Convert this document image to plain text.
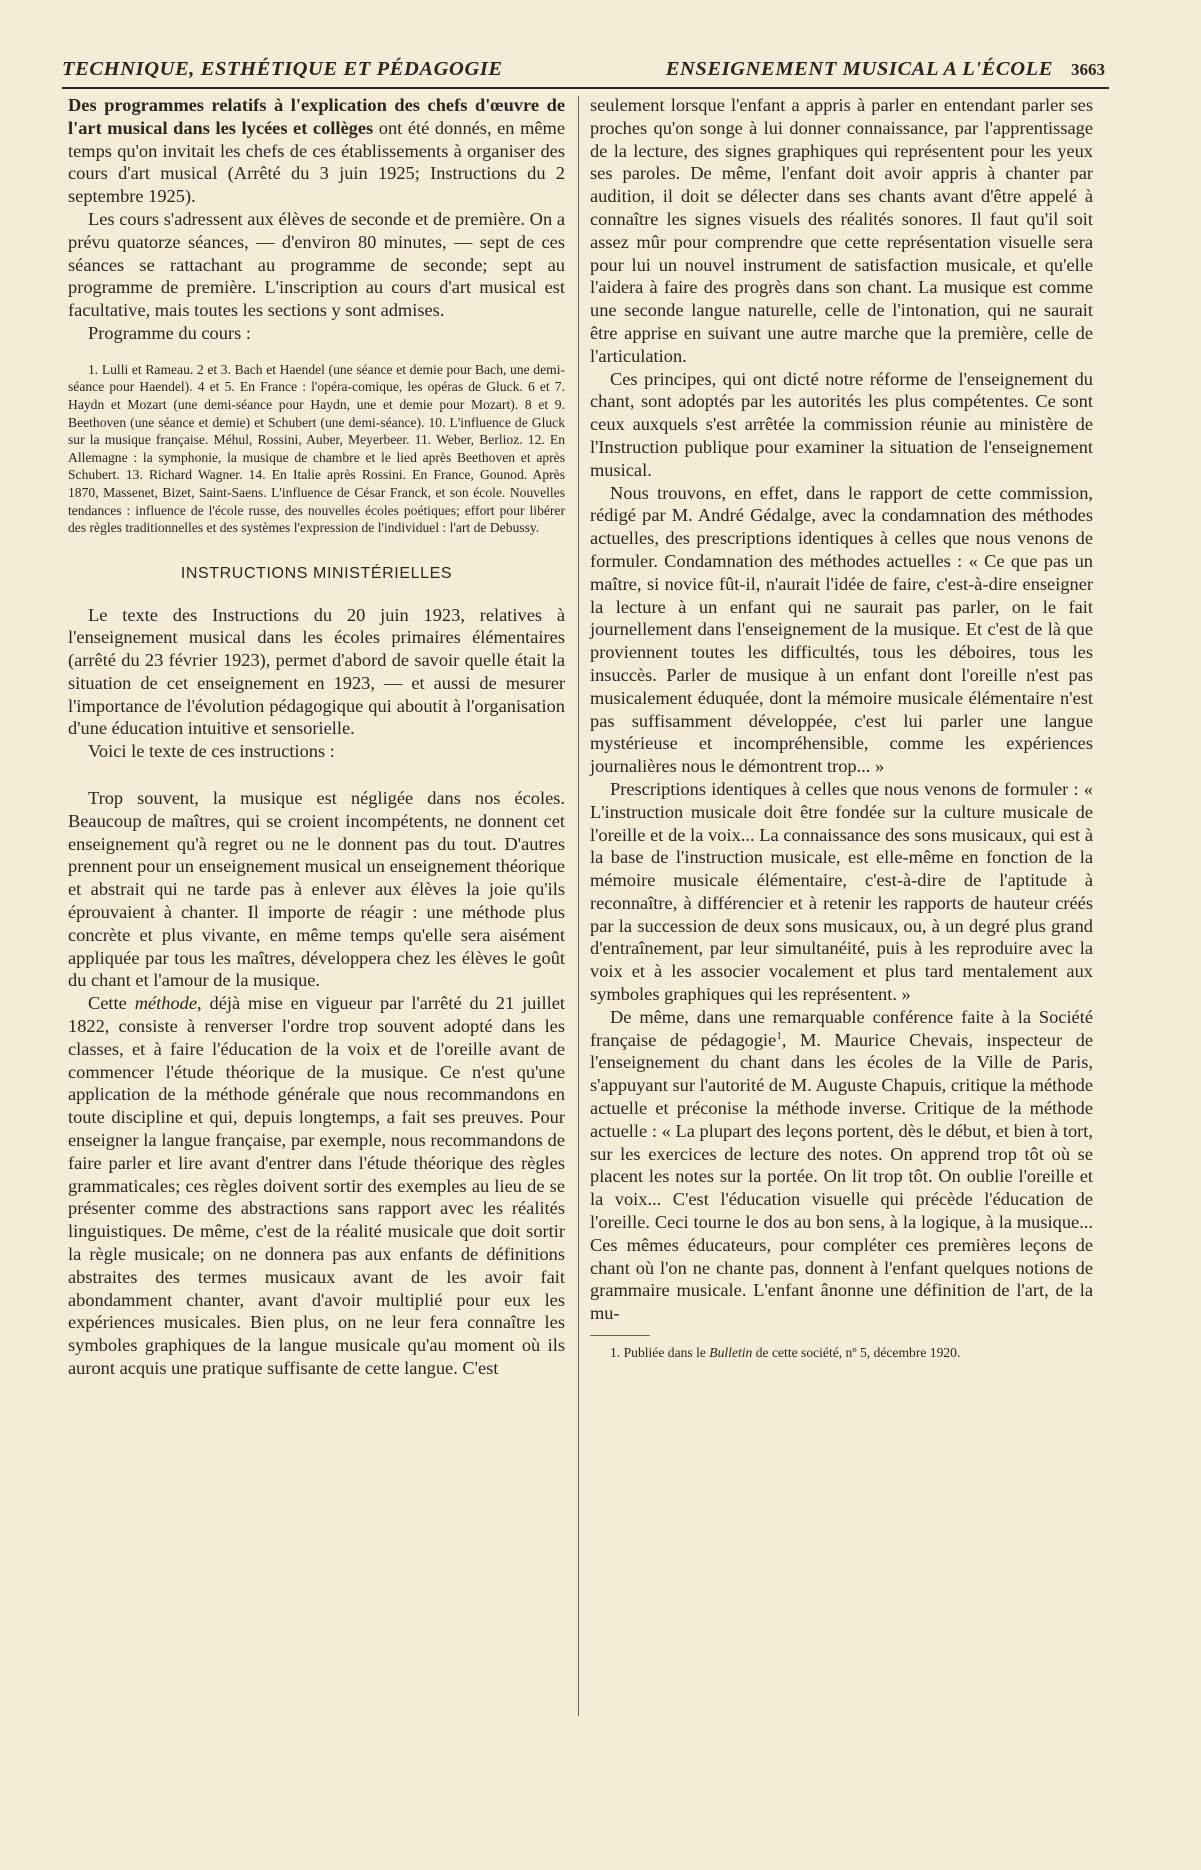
TECHNIQUE, ESTHÉTIQUE ET PÉDAGOGIE	ENSEIGNEMENT MUSICAL A L'ÉCOLE 3663

Des programmes relatifs à l'explication des chefs d'œuvre de l'art musical dans les lycées et collèges ont été donnés, en même temps qu'on invitait les chefs de ces établissements à organiser des cours d'art musical (Arrêté du 3 juin 1925; Instructions du 2 septembre 1925).

Les cours s'adressent aux élèves de seconde et de première. On a prévu quatorze séances, — d'environ 80 minutes, — sept de ces séances se rattachant au programme de seconde; sept au programme de première. L'inscription au cours d'art musical est facultative, mais toutes les sections y sont admises.

Programme du cours :

1. Lulli et Rameau. 2 et 3. Bach et Haendel (une séance et demie pour Bach, une demi-séance pour Haendel). 4 et 5. En France : l'opéra-comique, les opéras de Gluck. 6 et 7. Haydn et Mozart (une demi-séance pour Haydn, une et demie pour Mozart). 8 et 9. Beethoven (une séance et demie) et Schubert (une demi-séance). 10. L'influence de Gluck sur la musique française. Méhul, Rossini, Auber, Meyerbeer. 11. Weber, Berlioz. 12. En Allemagne : la symphonie, la musique de chambre et le lied après Beethoven et après Schubert. 13. Richard Wagner. 14. En Italie après Rossini. En France, Gounod. Après 1870, Massenet, Bizet, Saint-Saens. L'influence de César Franck, et son école. Nouvelles tendances : influence de l'école russe, des nouvelles écoles poétiques; effort pour libérer des règles traditionnelles et des systèmes l'expression de l'individuel : l'art de Debussy.

INSTRUCTIONS MINISTÉRIELLES

Le texte des Instructions du 20 juin 1923, relatives à l'enseignement musical dans les écoles primaires élémentaires (arrêté du 23 février 1923), permet d'abord de savoir quelle était la situation de cet enseignement en 1923, — et aussi de mesurer l'importance de l'évolution pédagogique qui aboutit à l'organisation d'une éducation intuitive et sensorielle.

Voici le texte de ces instructions :

Trop souvent, la musique est négligée dans nos écoles. Beaucoup de maîtres, qui se croient incompétents, ne donnent cet enseignement qu'à regret ou ne le donnent pas du tout. D'autres prennent pour un enseignement musical un enseignement théorique et abstrait qui ne tarde pas à enlever aux élèves la joie qu'ils éprouvaient à chanter. Il importe de réagir : une méthode plus concrète et plus vivante, en même temps qu'elle sera aisément appliquée par tous les maîtres, développera chez les élèves le goût du chant et l'amour de la musique.

Cette méthode, déjà mise en vigueur par l'arrêté du 21 juillet 1822, consiste à renverser l'ordre trop souvent adopté dans les classes, et à faire l'éducation de la voix et de l'oreille avant de commencer l'étude théorique de la musique. Ce n'est qu'une application de la méthode générale que nous recommandons en toute discipline et qui, depuis longtemps, a fait ses preuves. Pour enseigner la langue française, par exemple, nous recommandons de faire parler et lire avant d'entrer dans l'étude théorique des règles grammaticales; ces règles doivent sortir des exemples au lieu de se présenter comme des abstractions sans rapport avec les réalités linguistiques. De même, c'est de la réalité musicale que doit sortir la règle musicale; on ne donnera pas aux enfants de définitions abstraites des termes musicaux avant de les avoir fait abondamment chanter, avant d'avoir multiplié pour eux les expériences musicales. Bien plus, on ne leur fera connaître les symboles graphiques de la langue musicale qu'au moment où ils auront acquis une pratique suffisante de cette langue. C'est

seulement lorsque l'enfant a appris à parler en entendant parler ses proches qu'on songe à lui donner connaissance, par l'apprentissage de la lecture, des signes graphiques qui représentent pour les yeux ses paroles. De même, l'enfant doit avoir appris à chanter par audition, il doit se délecter dans ses chants avant d'être appelé à connaître les signes visuels des réalités sonores. Il faut qu'il soit assez mûr pour comprendre que cette représentation visuelle sera pour lui un nouvel instrument de satisfaction musicale, et qu'elle l'aidera à faire des progrès dans son chant. La musique est comme une seconde langue naturelle, celle de l'intonation, qui ne saurait être apprise en suivant une autre marche que la première, celle de l'articulation.

Ces principes, qui ont dicté notre réforme de l'enseignement du chant, sont adoptés par les autorités les plus compétentes. Ce sont ceux auxquels s'est arrêtée la commission réunie au ministère de l'Instruction publique pour examiner la situation de l'enseignement musical.

Nous trouvons, en effet, dans le rapport de cette commission, rédigé par M. André Gédalge, avec la condamnation des méthodes actuelles, des prescriptions identiques à celles que nous venons de formuler. Condamnation des méthodes actuelles : « Ce que pas un maître, si novice fût-il, n'aurait l'idée de faire, c'est-à-dire enseigner la lecture à un enfant qui ne saurait pas parler, on le fait journellement dans l'enseignement de la musique. Et c'est de là que proviennent toutes les difficultés, tous les déboires, tous les insuccès. Parler de musique à un enfant dont l'oreille n'est pas musicalement éduquée, dont la mémoire musicale élémentaire n'est pas suffisamment développée, c'est lui parler une langue mystérieuse et incompréhensible, comme les expériences journalières nous le démontrent trop... »

Prescriptions identiques à celles que nous venons de formuler : « L'instruction musicale doit être fondée sur la culture musicale de l'oreille et de la voix... La connaissance des sons musicaux, qui est à la base de l'instruction musicale, est elle-même en fonction de la mémoire musicale élémentaire, c'est-à-dire de l'aptitude à reconnaître, à différencier et à retenir les rapports de hauteur créés par la succession de deux sons musicaux, ou, à un degré plus grand d'entraînement, par leur simultanéité, puis à les reproduire avec la voix et à les associer vocalement et plus tard mentalement aux symboles graphiques qui les représentent. »

De même, dans une remarquable conférence faite à la Société française de pédagogie$^1$, M. Maurice Chevais, inspecteur de l'enseignement du chant dans les écoles de la Ville de Paris, s'appuyant sur l'autorité de M. Auguste Chapuis, critique la méthode actuelle et préconise la méthode inverse. Critique de la méthode actuelle : « La plupart des leçons portent, dès le début, et bien à tort, sur les exercices de lecture des notes. On apprend trop tôt où se placent les notes sur la portée. On lit trop tôt. On oublie l'oreille et la voix... C'est l'éducation visuelle qui précède l'éducation de l'oreille. Ceci tourne le dos au bon sens, à la logique, à la musique... Ces mêmes éducateurs, pour compléter ces premières leçons de chant où l'on ne chante pas, donnent à l'enfant quelques notions de grammaire musicale. L'enfant ânonne une définition de l'art, de la mu-

1. Publiée dans le Bulletin de cette société, nº 5, décembre 1920.
